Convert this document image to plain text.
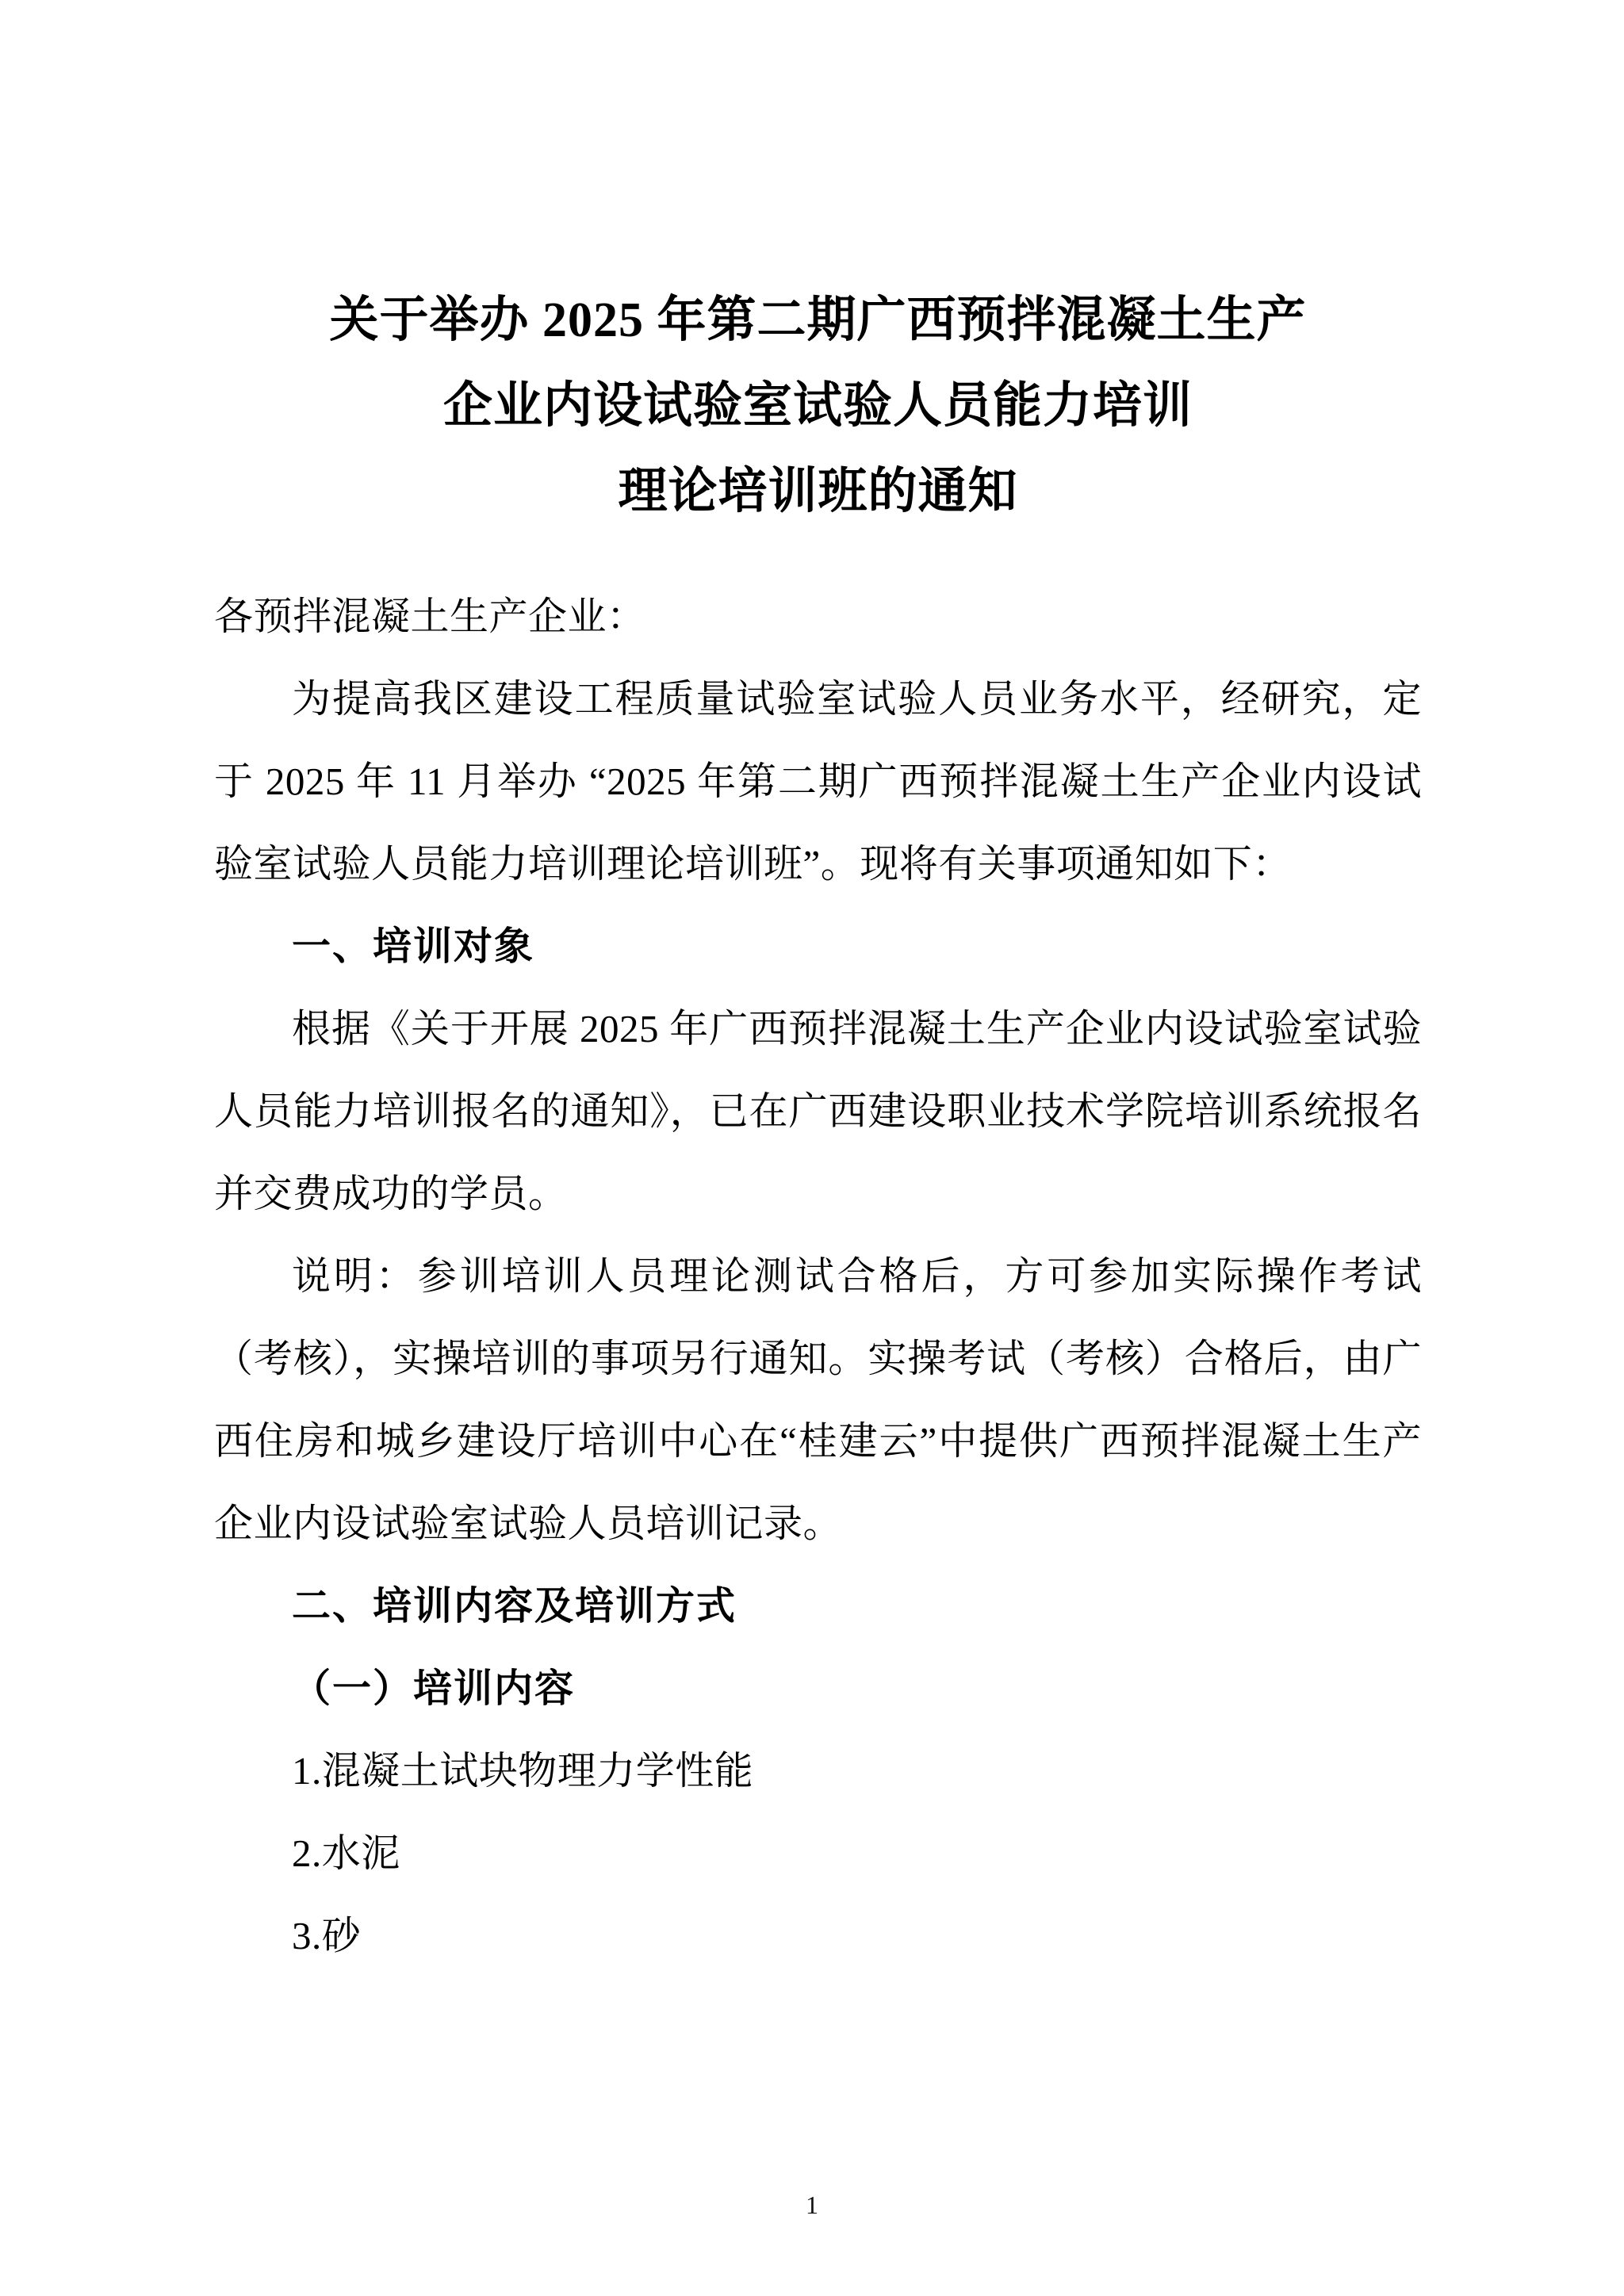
关于举办 2025 年第二期广西预拌混凝土生产
企业内设试验室试验人员能力培训
理论培训班的通知

各预拌混凝土生产企业：

为提高我区建设工程质量试验室试验人员业务水平，经研究，定于 2025 年 11 月举办 “2025 年第二期广西预拌混凝土生产企业内设试验室试验人员能力培训理论培训班”。现将有关事项通知如下：

一、培训对象

根据《关于开展 2025 年广西预拌混凝土生产企业内设试验室试验人员能力培训报名的通知》，已在广西建设职业技术学院培训系统报名并交费成功的学员。

说明：参训培训人员理论测试合格后，方可参加实际操作考试（考核），实操培训的事项另行通知。实操考试（考核）合格后，由广西住房和城乡建设厅培训中心在“桂建云”中提供广西预拌混凝土生产企业内设试验室试验人员培训记录。

二、培训内容及培训方式

（一）培训内容

1.混凝土试块物理力学性能

2.水泥

3.砂

1
